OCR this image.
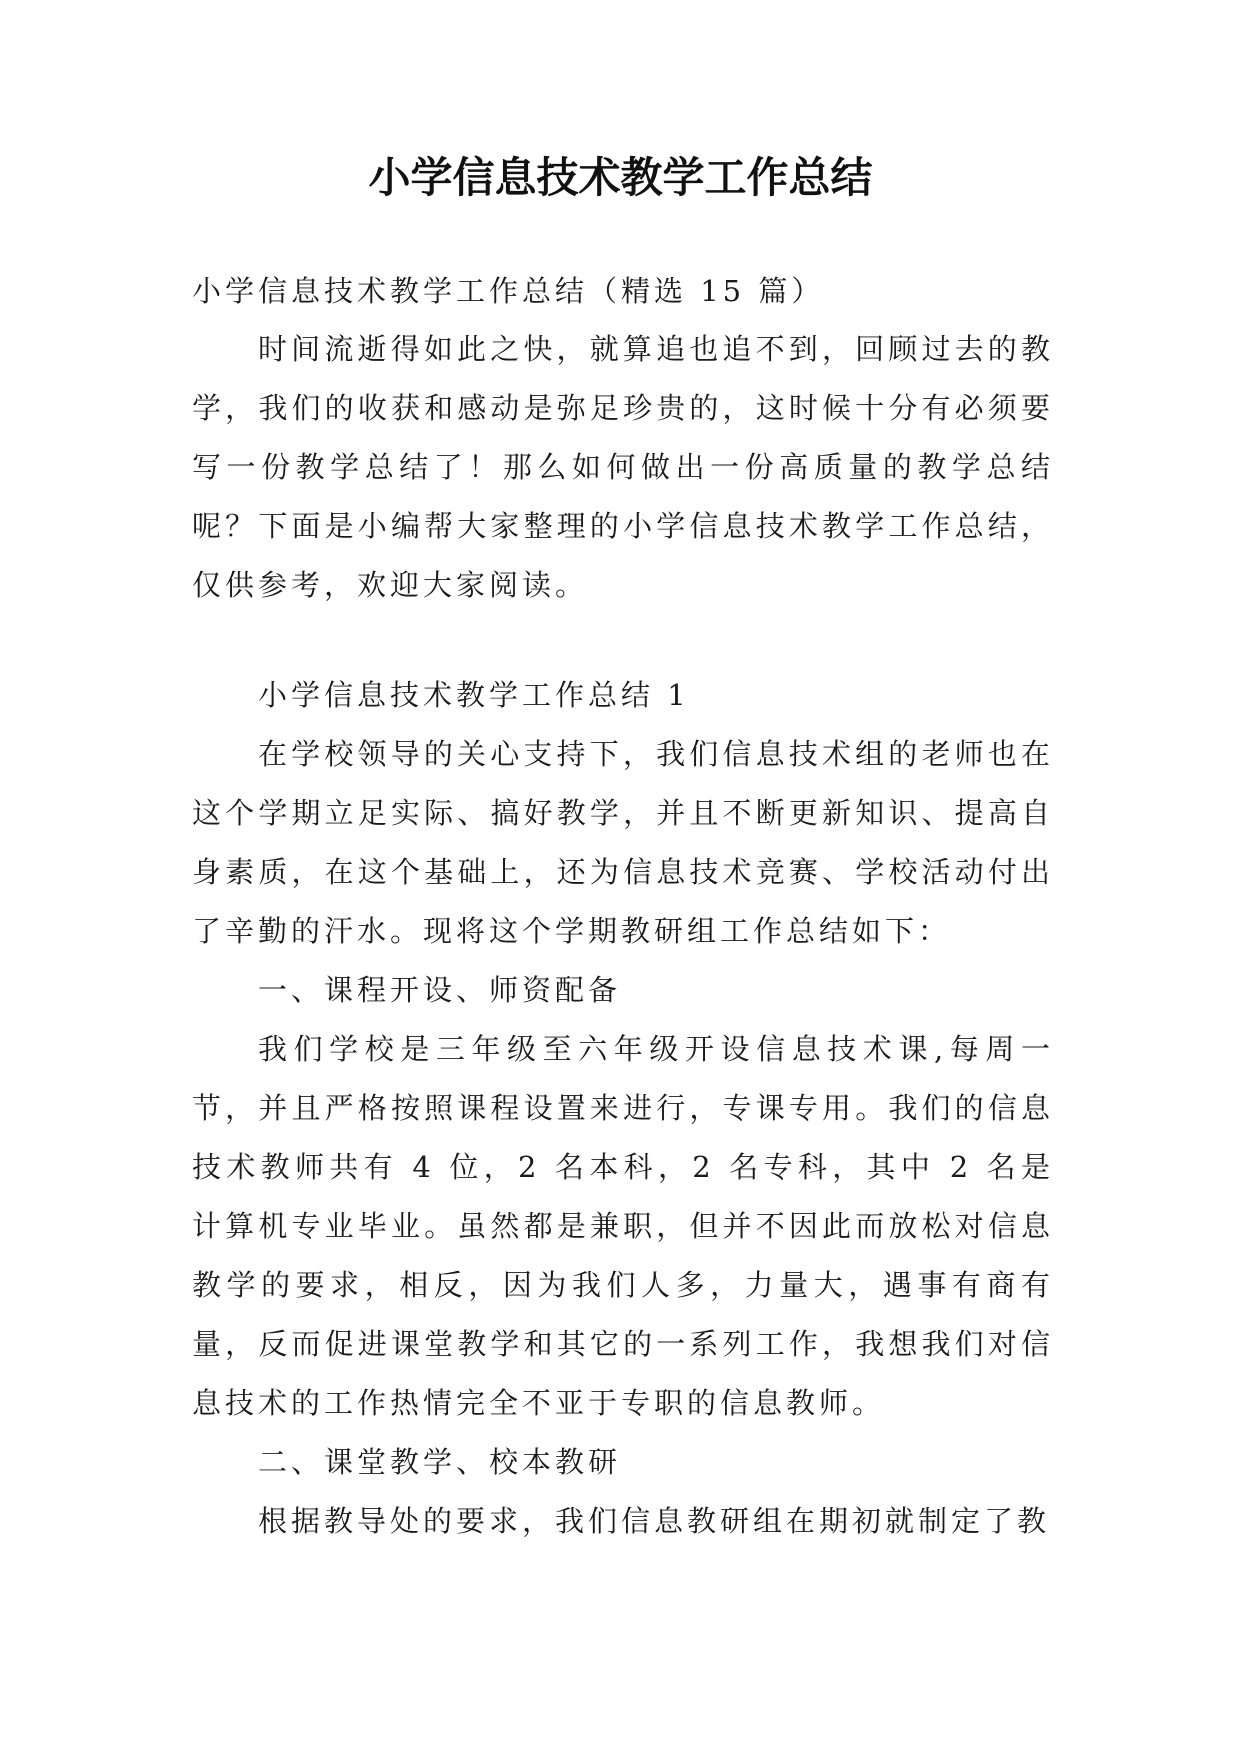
小学信息技术教学工作总结

小学信息技术教学工作总结（精选 15 篇）

时间流逝得如此之快，就算追也追不到，回顾过去的教学，我们的收获和感动是弥足珍贵的，这时候十分有必须要写一份教学总结了！那么如何做出一份高质量的教学总结呢？下面是小编帮大家整理的小学信息技术教学工作总结，仅供参考，欢迎大家阅读。

小学信息技术教学工作总结 1

在学校领导的关心支持下，我们信息技术组的老师也在这个学期立足实际、搞好教学，并且不断更新知识、提高自身素质，在这个基础上，还为信息技术竞赛、学校活动付出了辛勤的汗水。现将这个学期教研组工作总结如下：

一、课程开设、师资配备

我们学校是三年级至六年级开设信息技术课,每周一节，并且严格按照课程设置来进行，专课专用。我们的信息技术教师共有 4 位，2 名本科，2 名专科，其中 2 名是计算机专业毕业。虽然都是兼职，但并不因此而放松对信息教学的要求，相反，因为我们人多，力量大，遇事有商有量，反而促进课堂教学和其它的一系列工作，我想我们对信息技术的工作热情完全不亚于专职的信息教师。

二、课堂教学、校本教研

根据教导处的要求，我们信息教研组在期初就制定了教
